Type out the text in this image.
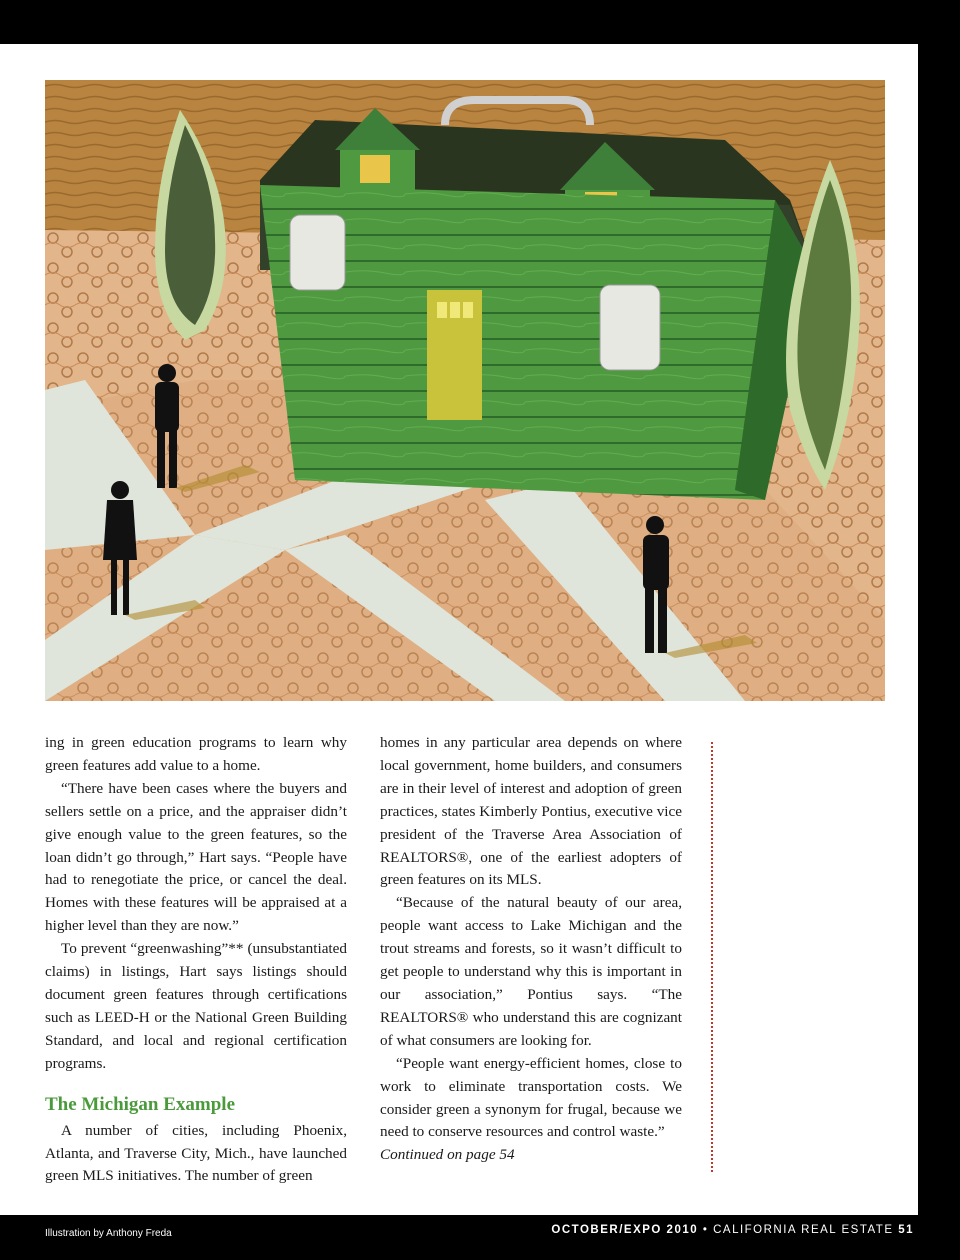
ing in green education programs to learn why green features add value to a home.

“There have been cases where the buyers and sellers settle on a price, and the appraiser didn’t give enough value to the green features, so the loan didn’t go through,” Hart says. “People have had to renegotiate the price, or cancel the deal. Homes with these features will be appraised at a higher level than they are now.”

To prevent “greenwashing”** (unsubstantiated claims) in listings, Hart says listings should document green features through certifications such as LEED-H or the National Green Building Standard, and local and regional certification programs.

The Michigan Example

A number of cities, including Phoenix, Atlanta, and Traverse City, Mich., have launched green MLS initiatives. The number of green

homes in any particular area depends on where local government, home builders, and consumers are in their level of interest and adoption of green practices, states Kimberly Pontius, executive vice president of the Traverse Area Association of REALTORS®, one of the earliest adopters of green features on its MLS.

“Because of the natural beauty of our area, people want access to Lake Michigan and the trout streams and forests, so it wasn’t difficult to get people to understand why this is important in our association,” Pontius says. “The REALTORS® who understand this are cognizant of what consumers are looking for.

“People want energy-efficient homes, close to work to eliminate transportation costs. We consider green a synonym for frugal, because we need to conserve resources and control waste.”

Continued on page 54

Illustration by Anthony Freda	OCTOBER/EXPO 2010 • CALIFORNIA REAL ESTATE 51
